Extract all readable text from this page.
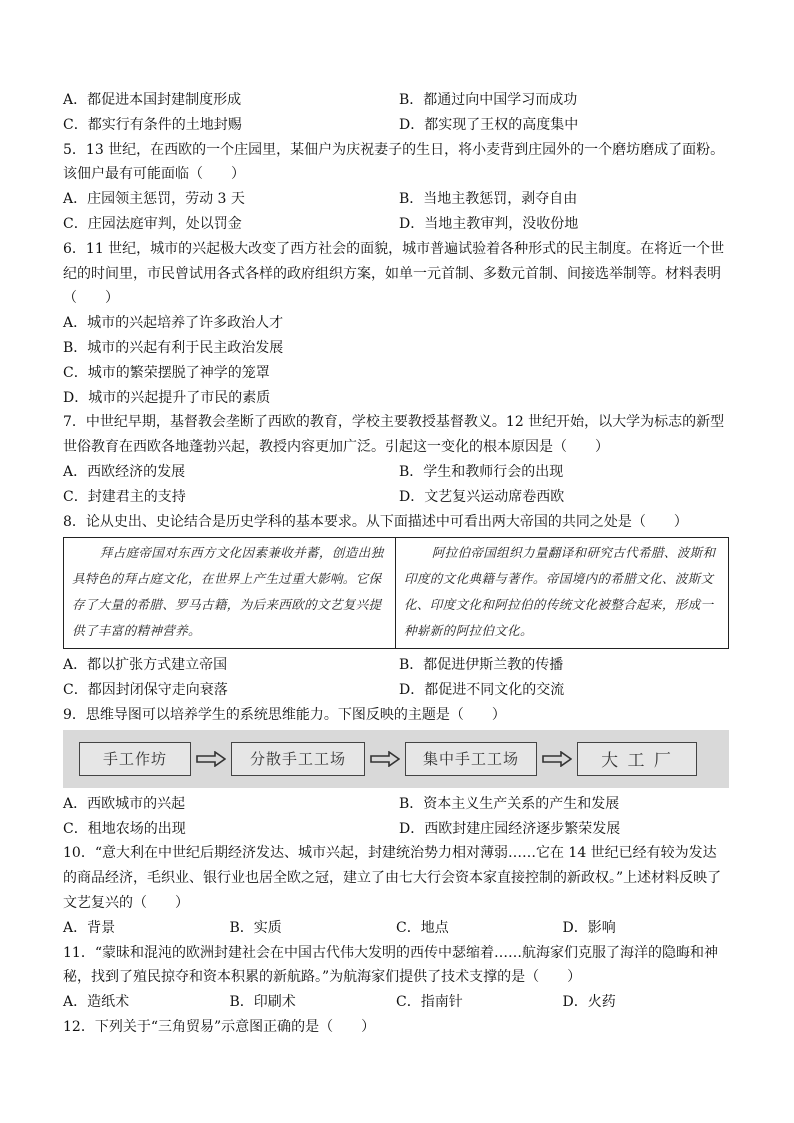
A．都促进本国封建制度形成	B．都通过向中国学习而成功
C．都实行有条件的土地封赐	D．都实现了王权的高度集中
5．13 世纪，在西欧的一个庄园里，某佃户为庆祝妻子的生日，将小麦背到庄园外的一个磨坊磨成了面粉。
该佃户最有可能面临（　　）
A．庄园领主惩罚，劳动 3 天	B．当地主教惩罚，剥夺自由
C．庄园法庭审判，处以罚金	D．当地主教审判，没收份地
6．11 世纪，城市的兴起极大改变了西方社会的面貌，城市普遍试验着各种形式的民主制度。在将近一个世纪的时间里，市民曾试用各式各样的政府组织方案，如单一元首制、多数元首制、间接选举制等。材料表明（　　）
A．城市的兴起培养了许多政治人才
B．城市的兴起有利于民主政治发展
C．城市的繁荣摆脱了神学的笼罩
D．城市的兴起提升了市民的素质
7．中世纪早期，基督教会垄断了西欧的教育，学校主要教授基督教义。12 世纪开始，以大学为标志的新型世俗教育在西欧各地蓬勃兴起，教授内容更加广泛。引起这一变化的根本原因是（　　）
A．西欧经济的发展	B．学生和教师行会的出现
C．封建君主的支持	D．文艺复兴运动席卷西欧
8．论从史出、史论结合是历史学科的基本要求。从下面描述中可看出两大帝国的共同之处是（　　）
拜占庭帝国对东西方文化因素兼收并蓄，创造出独具特色的拜占庭文化，在世界上产生过重大影响。它保存了大量的希腊、罗马古籍，为后来西欧的文艺复兴提供了丰富的精神营养。
阿拉伯帝国组织力量翻译和研究古代希腊、波斯和印度的文化典籍与著作。帝国境内的希腊文化、波斯文化、印度文化和阿拉伯的传统文化被整合起来，形成一种崭新的阿拉伯文化。
A．都以扩张方式建立帝国	B．都促进伊斯兰教的传播
C．都因封闭保守走向衰落	D．都促进不同文化的交流
9．思维导图可以培养学生的系统思维能力。下图反映的主题是（　　）
手工作坊	分散手工工场	集中手工工场	大 工 厂
A．西欧城市的兴起	B．资本主义生产关系的产生和发展
C．租地农场的出现	D．西欧封建庄园经济逐步繁荣发展
10．“意大利在中世纪后期经济发达、城市兴起，封建统治势力相对薄弱……它在 14 世纪已经有较为发达的商品经济，毛织业、银行业也居全欧之冠，建立了由七大行会资本家直接控制的新政权。”上述材料反映了文艺复兴的（　　）
A．背景	B．实质	C．地点	D．影响
11．“蒙昧和混沌的欧洲封建社会在中国古代伟大发明的西传中瑟缩着……航海家们克服了海洋的隐晦和神秘，找到了殖民掠夺和资本积累的新航路。”为航海家们提供了技术支撑的是（　　）
A．造纸术	B．印刷术	C．指南针	D．火药
12．下列关于“三角贸易”示意图正确的是（　　）
